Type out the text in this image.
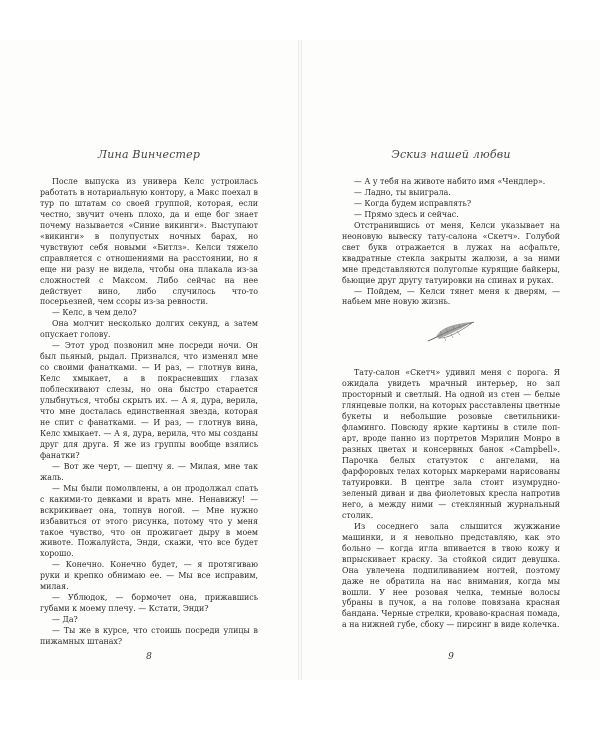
Лина Винчестер

После выпуска из универа Келс устроилась работать в нотариальную контору, а Макс поехал в тур по штатам со своей группой, которая, если честно, звучит очень плохо, да и еще бог знает почему называется «Синие викинги». Выступают «викинги» в полупустых ночных барах, но чувствуют себя новыми «Битлз». Келси тяжело справляется с отношениями на расстоянии, но я еще ни разу не видела, чтобы она плакала из-за сложностей с Максом. Либо сейчас на нее действует вино, либо случилось что-то посерьезней, чем ссоры из-за ревности.

— Келс, в чем дело?

Она молчит несколько долгих секунд, а затем опускает голову.

— Этот урод позвонил мне посреди ночи. Он был пьяный, рыдал. Признался, что изменял мне со своими фанатками. — И раз, — глотнув вина, Келс хмыкает, а в покрасневших глазах поблескивают слезы, но она быстро старается улыбнуться, чтобы скрыть их. — А я, дура, верила, что мне досталась единственная звезда, которая не спит с фанатками. — И раз, — глотнув вина, Келс хмыкает. — А я, дура, верила, что мы созданы друг для друга. Я же из группы вообще взялись фанатки?

— Вот же черт, — шепчу я. — Милая, мне так жаль.

— Мы были помолвлены, а он продолжал спать с какими-то девками и врать мне. Ненавижу! — вскрикивает она, топнув ногой. — Мне нужно избавиться от этого рисунка, потому что у меня такое чувство, что он прожигает дыру в моем животе. Пожалуйста, Энди, скажи, что все будет хорошо.

— Конечно. Конечно будет, — я протягиваю руки и крепко обнимаю ее. — Мы все исправим, милая.

— Ублюдок, — бормочет она, прижавшись губами к моему плечу. — Кстати, Энди?

— Да?

— Ты же в курсе, что стоишь посреди улицы в пижамных штанах?

8
Эскиз нашей любви

— А у тебя на животе набито имя «Чендлер».

— Ладно, ты выиграла.

— Когда будем исправлять?

— Прямо здесь и сейчас.

Отстранившись от меня, Келси указывает на неоновую вывеску тату-салона «Скетч». Голубой свет букв отражается в лужах на асфальте, квадратные стекла закрыты жалюзи, а за ними мне представляются полуголые курящие байкеры, бьющие друг другу татуировки на спинах и руках.

— Пойдем, — Келси тянет меня к дверям, — набьем мне новую жизнь.

Тату-салон «Скетч» удивил меня с порога. Я ожидала увидеть мрачный интерьер, но зал просторный и светлый. На одной из стен — белые глянцевые полки, на которых расставлены цветные букеты и небольшие розовые светильники-фламинго. Повсюду яркие картины в стиле поп-арт, вроде панно из портретов Мэрилин Монро в разных цветах и консервных банок «Campbell». Парочка белых статуэток с ангелами, на фарфоровых телах которых маркерами нарисованы татуировки. В центре зала стоит изумрудно-зеленый диван и два фиолетовых кресла напротив него, а между ними — стеклянный журнальный столик.

Из соседнего зала слышится жужжание машинки, и я невольно представляю, как это больно — когда игла впивается в твою кожу и впрыскивает краску. За стойкой сидит девушка. Она увлечена подпиливанием ногтей, поэтому даже не обратила на нас внимания, когда мы вошли. У нее розовая челка, темные волосы убраны в пучок, а на голове повязана красная бандана. Черные стрелки, кроваво-красная помада, а на нижней губе, сбоку — пирсинг в виде колечка.

9
